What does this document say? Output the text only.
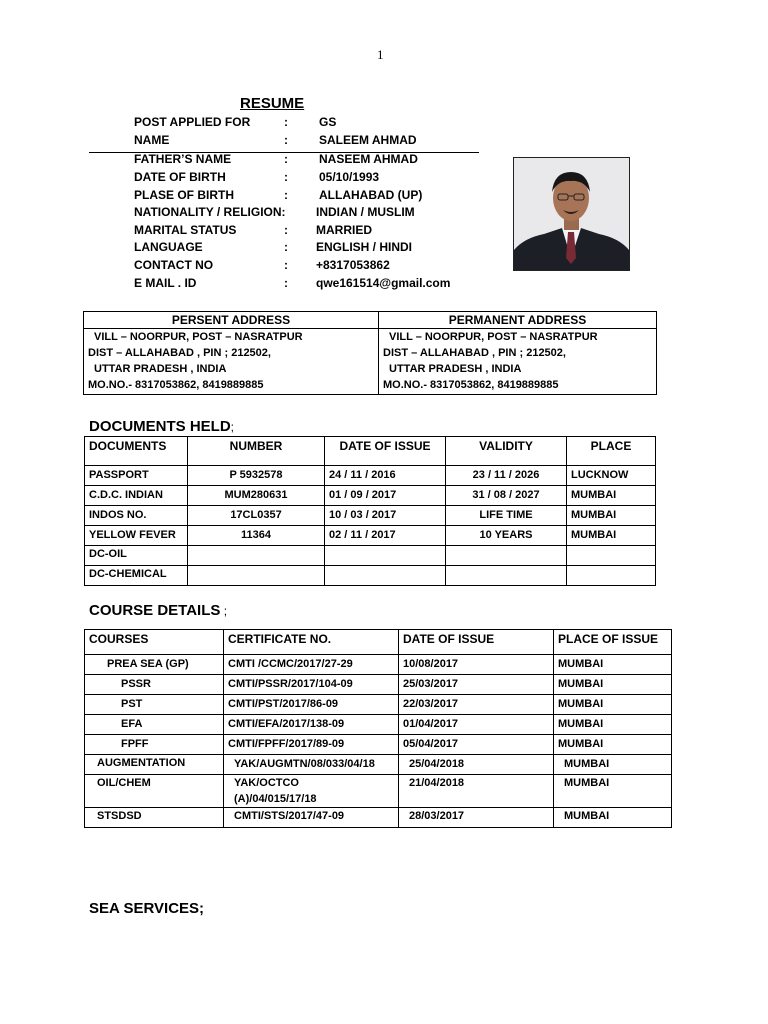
1
RESUME
POST APPLIED FOR	:	GS
NAME	:	SALEEM AHMAD
FATHER’S NAME	:	NASEEM AHMAD
DATE OF BIRTH	:	05/10/1993
PLASE OF BIRTH	:	ALLAHABAD (UP)
NATIONALITY / RELIGION:	INDIAN / MUSLIM
MARITAL STATUS	: MARRIED
LANGUAGE	: ENGLISH / HINDI
CONTACT NO	: +8317053862
E MAIL . ID	: qwe161514@gmail.com
PERSENT ADDRESS	PERMANENT ADDRESS

VILL – NOORPUR, POST – NASRATPUR
DIST – ALLAHABAD , PIN ; 212502,
UTTAR PRADESH , INDIA
MO.NO.- 8317053862, 8419889885	VILL – NOORPUR, POST – NASRATPUR
DIST – ALLAHABAD , PIN ; 212502,
UTTAR PRADESH , INDIA
MO.NO.- 8317053862, 8419889885
DOCUMENTS HELD;
DOCUMENTS	NUMBER	DATE OF ISSUE	VALIDITY	PLACE
PASSPORT	P 5932578	24 / 11 / 2016	23 / 11 / 2026	LUCKNOW
C.D.C. INDIAN	MUM280631	01 / 09 / 2017	31 / 08 / 2027	MUMBAI
INDOS NO.	17CL0357	10 / 03 / 2017	LIFE TIME	MUMBAI
YELLOW FEVER	11364	02 / 11 / 2017	10 YEARS	MUMBAI
DC-OIL				
DC-CHEMICAL				
COURSE DETAILS ;
COURSES	CERTIFICATE NO.	DATE OF ISSUE	PLACE OF ISSUE
PREA SEA (GP)	CMTI /CCMC/2017/27-29	10/08/2017	MUMBAI
PSSR	CMTI/PSSR/2017/104-09	25/03/2017	MUMBAI
PST	CMTI/PST/2017/86-09	22/03/2017	MUMBAI
EFA	CMTI/EFA/2017/138-09	01/04/2017	MUMBAI
FPFF	CMTI/FPFF/2017/89-09	05/04/2017	MUMBAI
AUGMENTATION	YAK/AUGMTN/08/033/04/18	25/04/2018	MUMBAI
OIL/CHEM	YAK/OCTCO
(A)/04/015/17/18	21/04/2018	MUMBAI
STSDSD	CMTI/STS/2017/47-09	28/03/2017	MUMBAI
SEA SERVICES;
